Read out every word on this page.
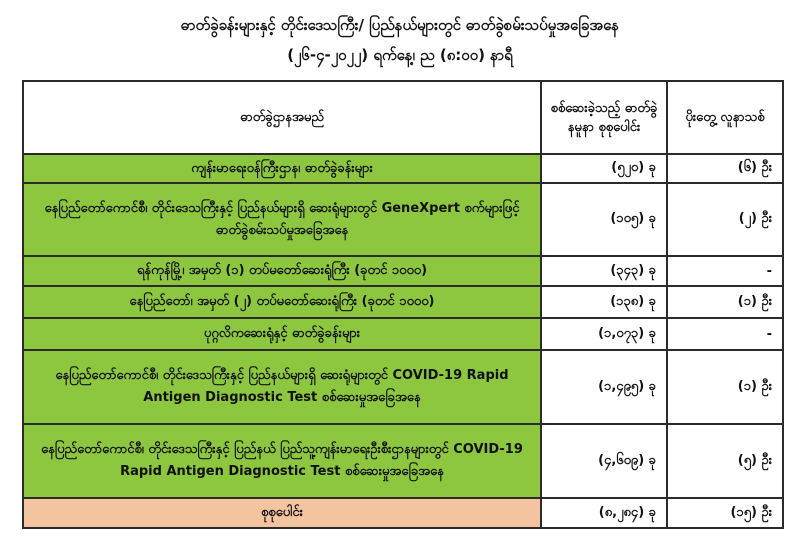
ဓာတ်ခွဲခန်းများနှင့် တိုင်းဒေသကြီး/ ပြည်နယ်များတွင် ဓာတ်ခွဲစမ်းသပ်မှုအခြေအနေ
(၂၆-၄-၂၀၂၂) ရက်နေ့၊ ည (၈:၀၀) နာရီ
ဓာတ်ခွဲဌာနအမည်	စစ်ဆေးခဲ့သည့် ဓာတ်ခွဲနမူနာ စုစုပေါင်း	ပိုးတွေ့ လူနာသစ်
ကျန်းမာရေးဝန်ကြီးဌာန၊ ဓာတ်ခွဲခန်းများ	(၅၂၀) ခု	(၆) ဦး
နေပြည်တော်ကောင်စီ၊ တိုင်းဒေသကြီးနှင့် ပြည်နယ်များရှိ ဆေးရုံများတွင် GeneXpert စက်များဖြင့် ဓာတ်ခွဲစမ်းသပ်မှုအခြေအနေ	(၁၀၅) ခု	(၂) ဦး
ရန်ကုန်မြို့၊ အမှတ် (၁) တပ်မတော်ဆေးရုံကြီး (ခုတင် ၁၀၀၀)	(၃၄၃) ခု	-
နေပြည်တော်၊ အမှတ် (၂) တပ်မတော်ဆေးရုံကြီး (ခုတင် ၁၀၀၀)	(၁၃၈) ခု	(၁) ဦး
ပုဂ္ဂလိကဆေးရုံနှင့် ဓာတ်ခွဲခန်းများ	(၁,၀၇၃) ခု	-
နေပြည်တော်ကောင်စီ၊ တိုင်းဒေသကြီးနှင့် ပြည်နယ်များရှိ ဆေးရုံများတွင် COVID-19 Rapid Antigen Diagnostic Test စစ်ဆေးမှုအခြေအနေ	(၁,၄၉၅) ခု	(၁) ဦး
နေပြည်တော်ကောင်စီ၊ တိုင်းဒေသကြီးနှင့် ပြည်နယ် ပြည်သူ့ကျန်းမာရေးဦးစီးဌာနများတွင် COVID-19 Rapid Antigen Diagnostic Test စစ်ဆေးမှုအခြေအနေ	(၄,၆၀၉) ခု	(၅) ဦး
စုစုပေါင်း	(၈,၂၈၄) ခု	(၁၅) ဦး
